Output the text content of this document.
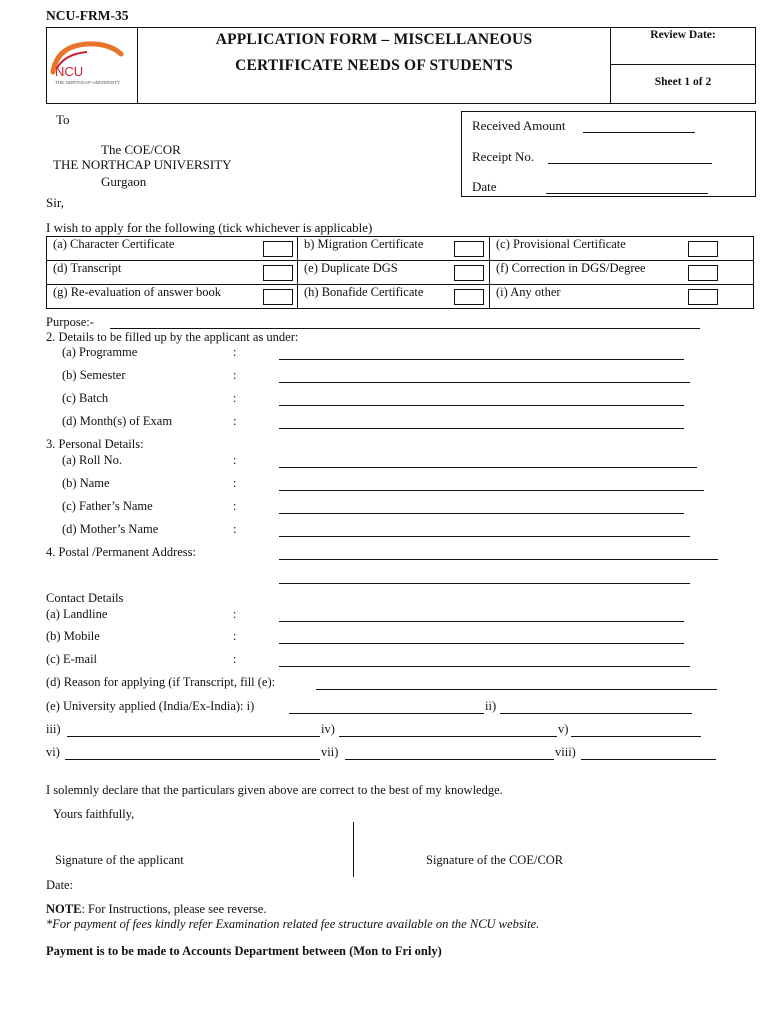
NCU-FRM-35
NCU
THE NORTHCAP UNIVERSITY
APPLICATION FORM – MISCELLANEOUS
CERTIFICATE NEEDS OF STUDENTS
Review Date:
Sheet 1 of 2
To
The COE/COR
THE NORTHCAP UNIVERSITY
Gurgaon
Received Amount
Receipt No.
Date
Sir,
I wish to apply for the following (tick whichever is applicable)
(a) Character Certificate	b) Migration Certificate	(c) Provisional Certificate

(d) Transcript	(e) Duplicate DGS	(f) Correction in DGS/Degree

(g) Re-evaluation of answer book	(h) Bonafide Certificate	(i) Any other
Purpose:-
2. Details to be filled up by the applicant as under:
(a) Programme	:
(b) Semester	:
(c) Batch	:
(d) Month(s) of Exam	:
3. Personal Details:
(a) Roll No.	:
(b) Name	:
(c) Father’s Name	:
(d) Mother’s Name	:
4. Postal /Permanent Address:
Contact Details
(a) Landline	:
(b) Mobile	:
(c) E-mail	:
(d) Reason for applying (if Transcript, fill (e):
(e) University applied (India/Ex-India): i)	ii)
iii)	iv)	v)
vi)	vii)	viii)
I solemnly declare that the particulars given above are correct to the best of my knowledge.
Yours faithfully,
Signature of the applicant	Signature of the COE/COR
Date:
NOTE: For Instructions, please see reverse.
*For payment of fees kindly refer Examination related fee structure available on the NCU website.
Payment is to be made to Accounts Department between (Mon to Fri only)
